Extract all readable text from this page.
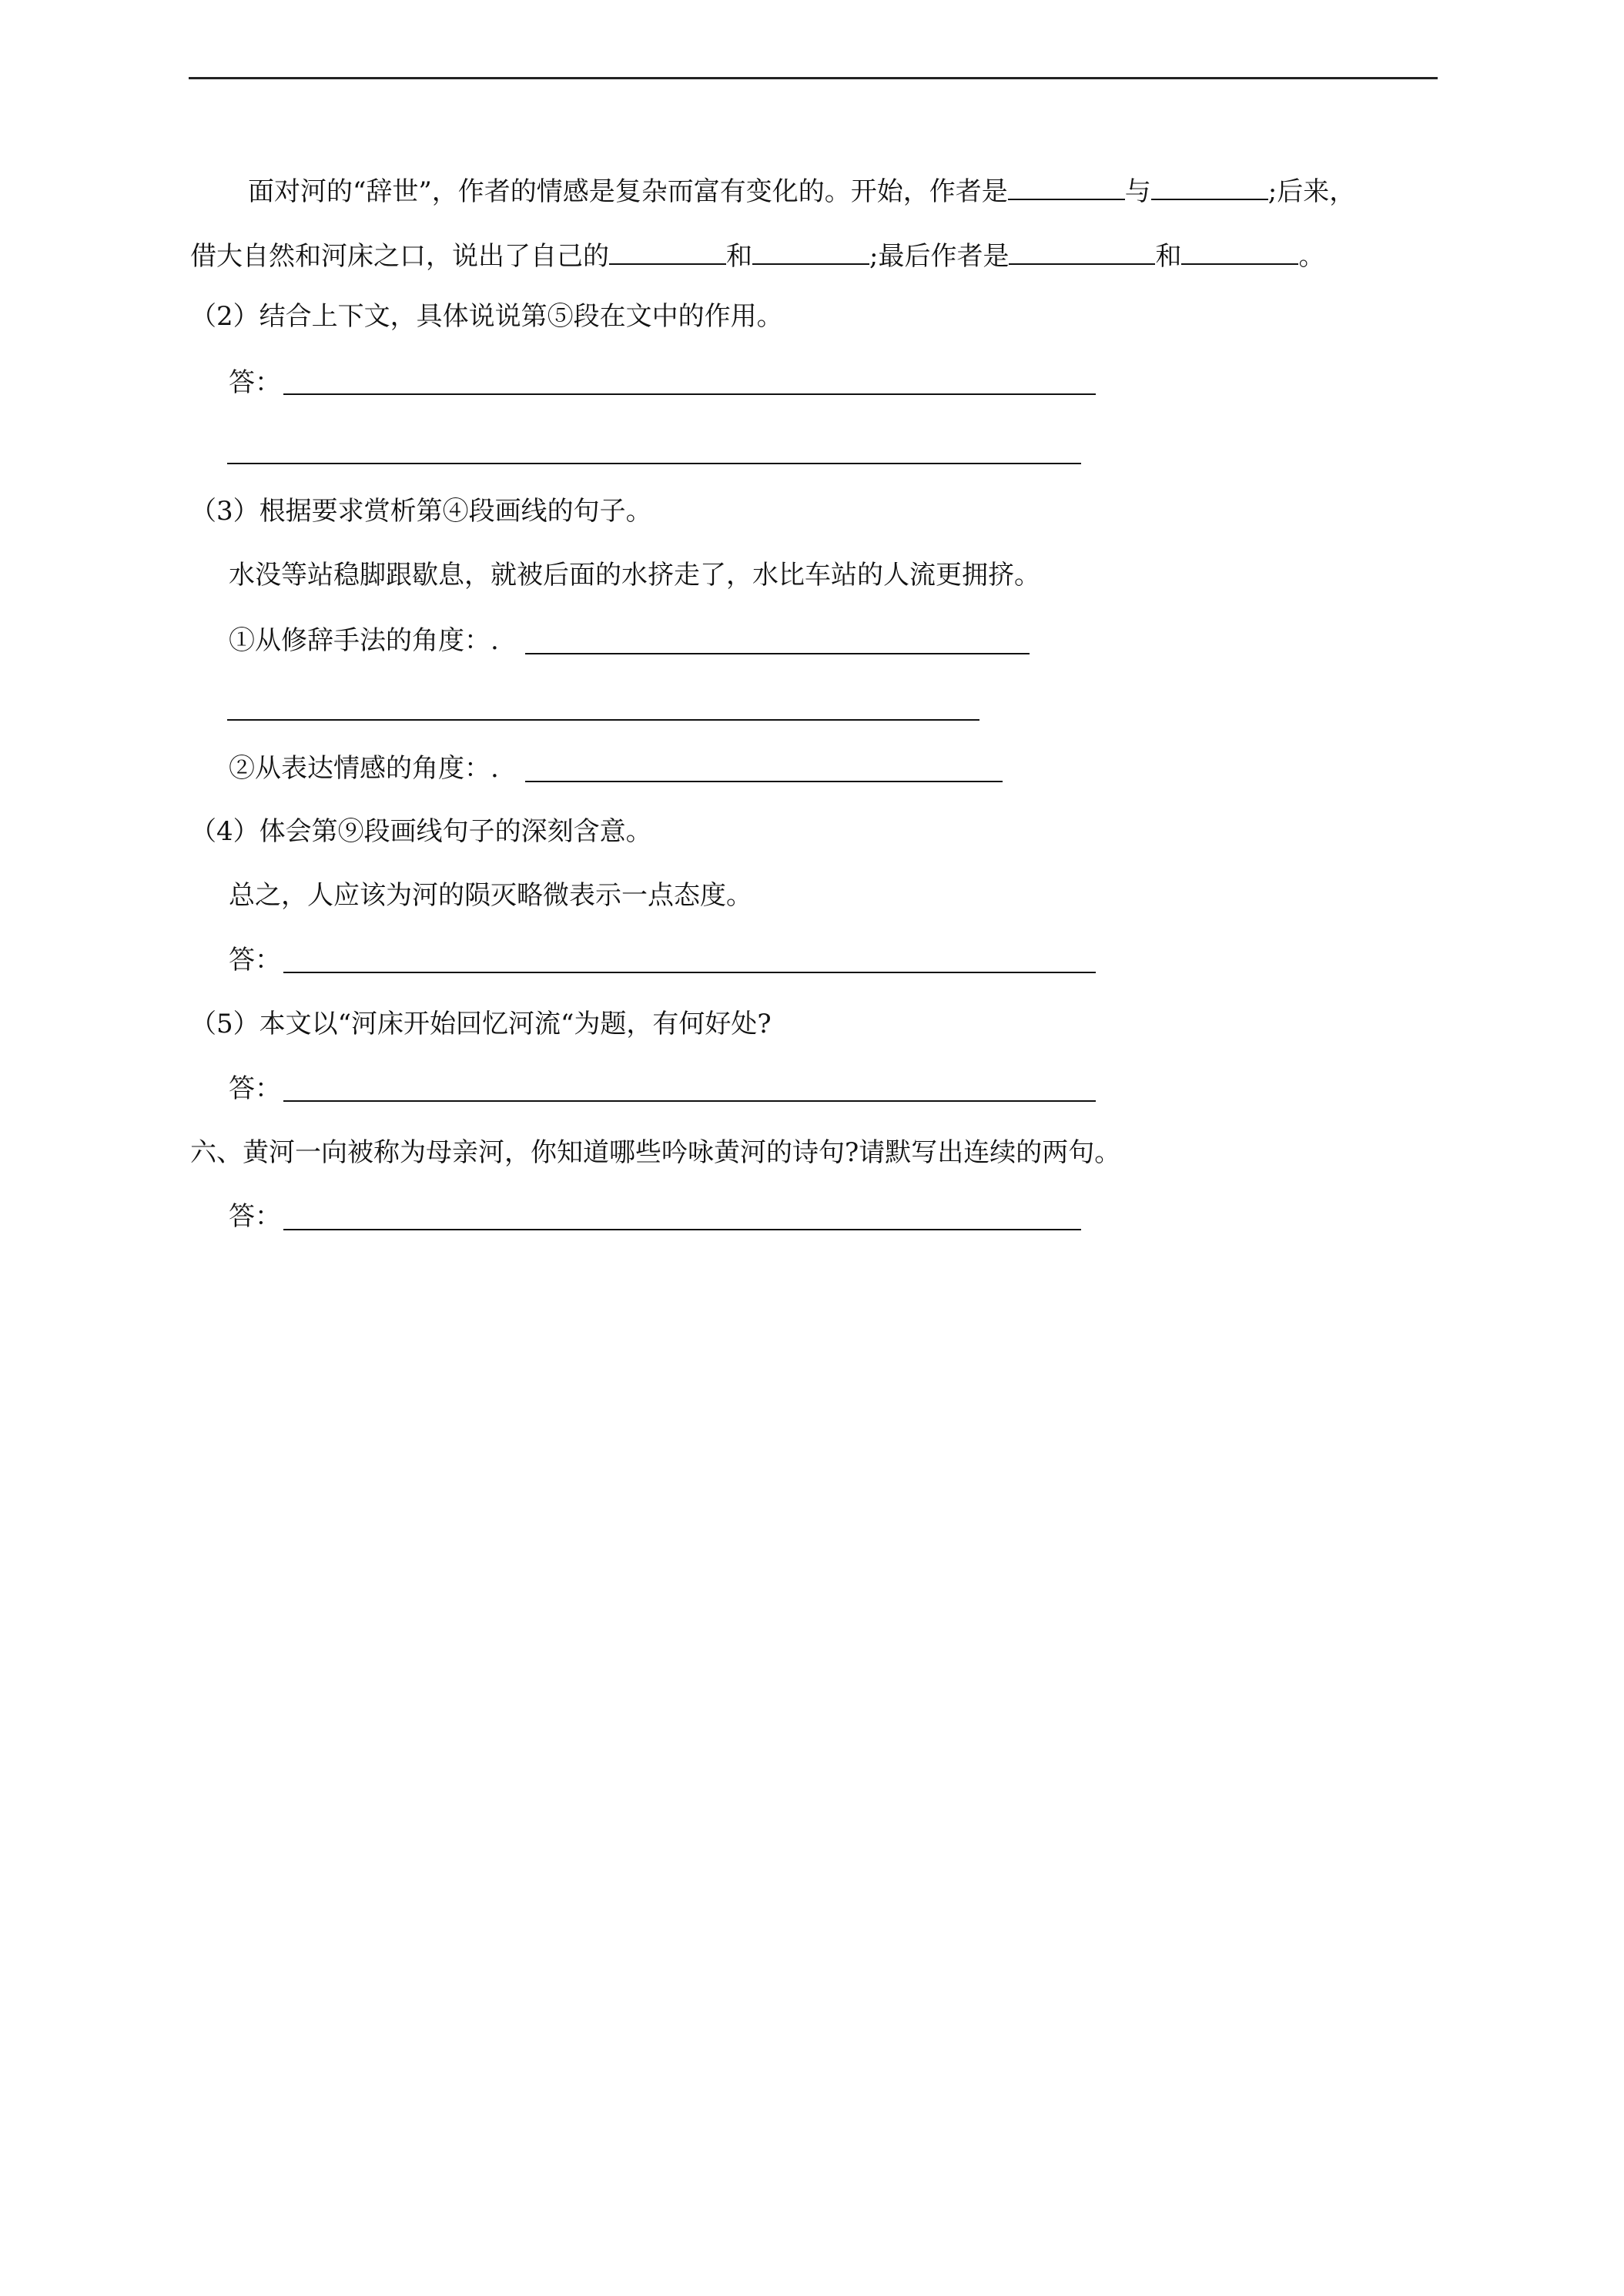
面对河的“辞世”，作者的情感是复杂而富有变化的。开始，作者是	与	;后来，
借大自然和河床之口，说出了自己的	和	;最后作者是	和	。
（2）结合上下文，具体说说第⑤段在文中的作用。
答：
（3）根据要求赏析第④段画线的句子。
水没等站稳脚跟歇息，就被后面的水挤走了，水比车站的人流更拥挤。
①从修辞手法的角度：.
②从表达情感的角度：.
（4）体会第⑨段画线句子的深刻含意。
总之，人应该为河的陨灭略微表示一点态度。
答：
（5）本文以“河床开始回忆河流“为题，有何好处?
答：
六、黄河一向被称为母亲河，你知道哪些吟咏黄河的诗句?请默写出连续的两句。
答：
